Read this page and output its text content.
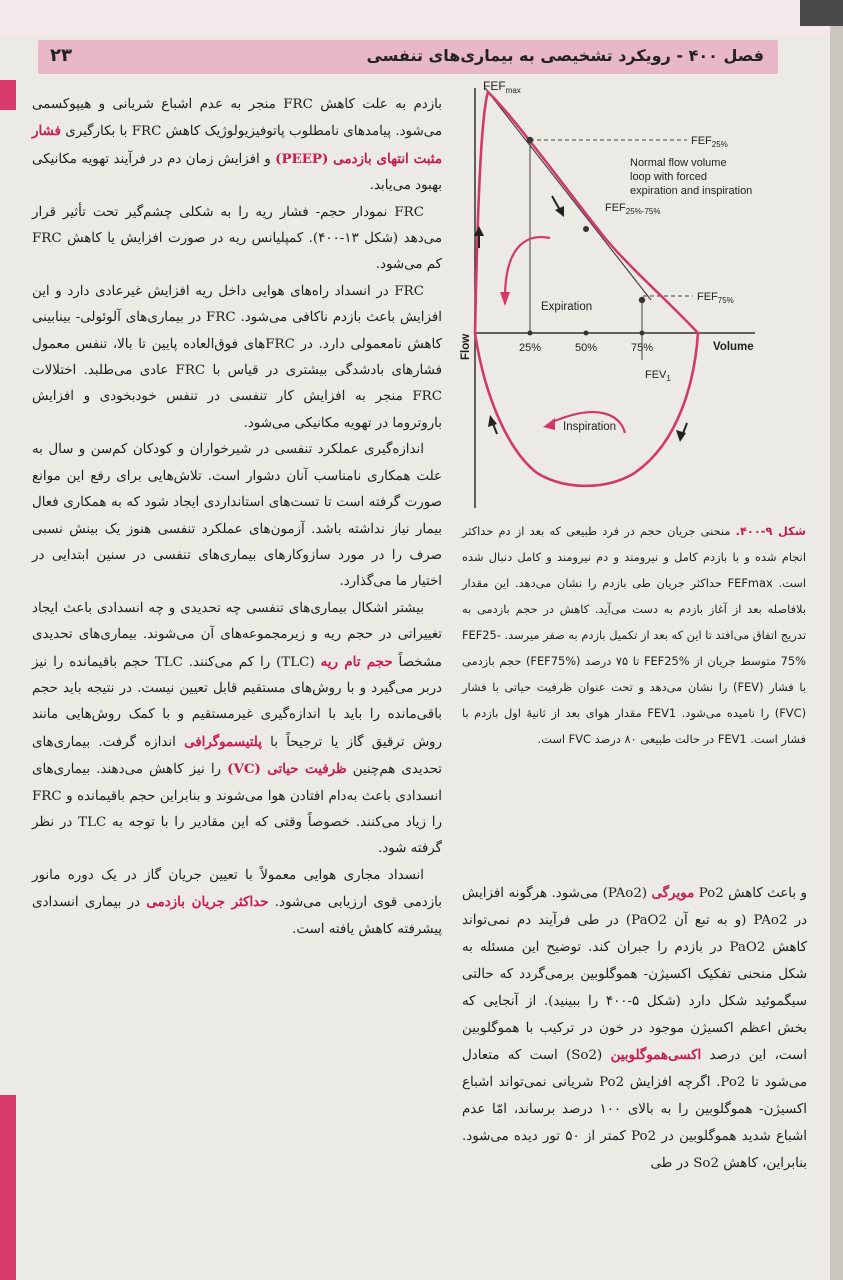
فصل ۴۰۰ - رویکرد تشخیصی به بیماری‌های تنفسی
۲۳

بازدم به علت کاهش FRC منجر به عدم اشباع شریانی و هیپوکسمی می‌شود. پیامدهای نامطلوب پاتوفیزیولوژیک کاهش FRC با بکارگیری فشار مثبت انتهای بازدمی (PEEP) و افزایش زمان دم در فرآیند تهویه مکانیکی بهبود می‌یابد.

FRC نمودار حجم- فشار ریه را به شکلی چشم‌گیر تحت تأثیر قرار می‌دهد (شکل ۱۳-۴۰۰). کمپلیانس ریه در صورت افزایش یا کاهش FRC کم می‌شود.

FRC در انسداد راه‌های هوایی داخل ریه افزایش غیرعادی دارد و این افزایش باعث بازدم ناکافی می‌شود. FRC در بیماری‌های آلوئولی- بینابینی کاهش نامعمولی دارد. در FRCهای فوق‌العاده پایین تا بالا، تنفس معمول فشارهای بادشدگی بیشتری در قیاس با FRC عادی می‌طلبد. اختلالات FRC منجر به افزایش کار تنفسی در تنفس خودبخودی و افزایش باروتروما در تهویه مکانیکی می‌شود.

اندازه‌گیری عملکرد تنفسی در شیرخواران و کودکان کم‌سن و سال به علت همکاری نامناسب آنان دشوار است. تلاش‌هایی برای رفع این موانع صورت گرفته است تا تست‌های استانداردی ایجاد شود که به همکاری فعال بیمار نیاز نداشته باشد. آزمون‌های عملکرد تنفسی هنوز یک بینش نسبی صرف را در مورد سازوکارهای بیماری‌های تنفسی در سنین ابتدایی در اختیار ما می‌گذارد.

بیشتر اشکال بیماری‌های تنفسی چه تحدیدی و چه انسدادی باعث ایجاد تغییراتی در حجم ریه و زیرمجموعه‌های آن می‌شوند. بیماری‌های تحدیدی مشخصاً حجم تام ریه (TLC) را کم می‌کنند. TLC حجم باقیمانده را نیز دربر می‌گیرد و با روش‌های مستقیم قابل تعیین نیست. در نتیجه باید حجم باقی‌مانده را باید با اندازه‌گیری غیرمستقیم و با کمک روش‌هایی مانند روش ترقیق گاز یا ترجیحاً با پلتیسموگرافی اندازه گرفت. بیماری‌های تحدیدی هم‌چنین ظرفیت حیاتی (VC) را نیز کاهش می‌دهند. بیماری‌های انسدادی باعث به‌دام افتادن هوا می‌شوند و بنابراین حجم باقیمانده و FRC را زیاد می‌کنند. خصوصاً وقتی که این مقادیر را با توجه به TLC در نظر گرفته شود.

انسداد مجاری هوایی معمولاً با تعیین جریان گاز در یک دوره مانور بازدمی قوی ارزیابی می‌شود. حداکثر جریان بازدمی در بیماری انسدادی پیشرفته کاهش یافته است.

$FEF_{max}$
$FEF_{25\%}$
$FEF_{25\%-75\%}$
$FEF_{75\%}$
Normal flow volume
loop with forced
expiration and inspiration
Expiration
Inspiration
Volume
Flow	25%	50%	75%
$FEV_1$
شکل ۹-۴۰۰. منحنی جریان حجم در فرد طبیعی که بعد از دم حداکثر انجام شده و با بازدم کامل و نیرومند و دم نیرومند و کامل دنبال شده است. FEFmax حداکثر جریان طی بازدم را نشان می‌دهد. این مقدار بلافاصله بعد از آغاز بازدم به دست می‌آید. کاهش در حجم بازدمی به تدریج اتفاق می‌افتد تا این که بعد از تکمیل بازدم به صفر میرسد. FEF25-75% متوسط جریان از FEF25% تا ۷۵ درصد (FEF75%) حجم بازدمی با فشار (FEV) را نشان می‌دهد و تحت عنوان ظرفیت حیاتی با فشار (FVC) را نامیده می‌شود. FEV1 مقدار هوای بعد از ثانیهٔ اول بازدم با فشار است. FEV1 در حالت طبیعی ۸۰ درصد FVC است.

و باعث کاهش Po2 مویرگی (PAo2) می‌شود. هرگونه افزایش در PAo2 (و به تبع آن PaO2) در طی فرآیند دم نمی‌تواند کاهش PaO2 در بازدم را جبران کند. توضیح این مسئله به شکل منحنی تفکیک اکسیژن- هموگلوبین برمی‌گردد که حالتی سیگموئید شکل دارد (شکل ۵-۴۰۰ را ببینید). از آنجایی که بخش اعظم اکسیژن موجود در خون در ترکیب با هموگلوبین است، این درصد اکسی‌هموگلوبین (So2) است که متعادل می‌شود تا Po2. اگرچه افزایش Po2 شریانی نمی‌تواند اشباع اکسیژن- هموگلوبین را به بالای ۱۰۰ درصد برساند، امّا عدم اشباع شدید هموگلوبین در Po2 کمتر از ۵۰ تور دیده می‌شود. بنابراین، کاهش So2 در طی
